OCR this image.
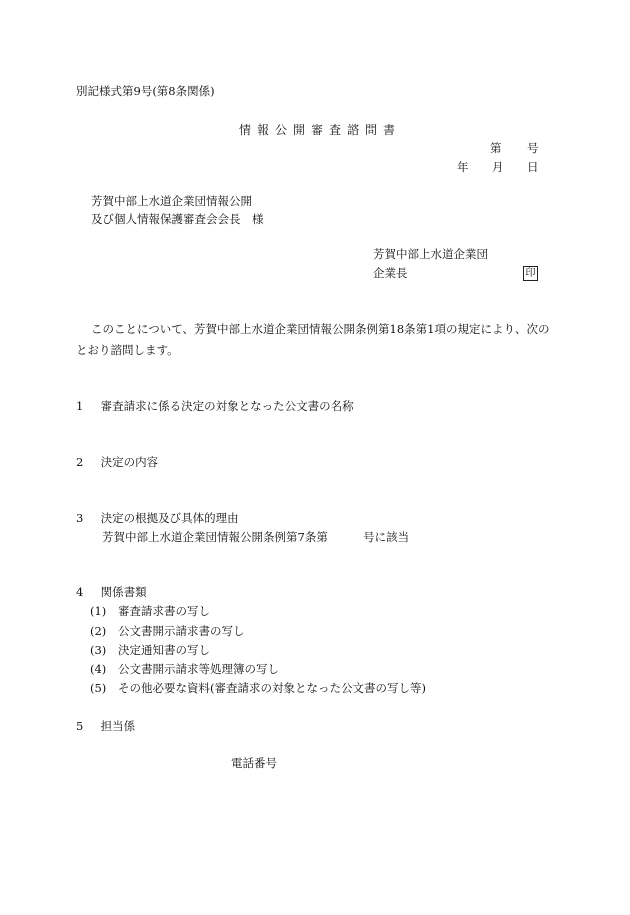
別記様式第9号(第8条関係)
情報公開審査諮問書
第 号
年 月 日
芳賀中部上水道企業団情報公開
及び個人情報保護審査会会長　様
芳賀中部上水道企業団
企業長	印
このことについて、芳賀中部上水道企業団情報公開条例第18条第1項の規定により、次の
とおり諮問します。
1 審査請求に係る決定の対象となった公文書の名称
2 決定の内容
3 決定の根拠及び具体的理由
芳賀中部上水道企業団情報公開条例第7条第	号に該当
4 関係書類
(1) 審査請求書の写し
(2) 公文書開示請求書の写し
(3) 決定通知書の写し
(4) 公文書開示請求等処理簿の写し
(5) その他必要な資料(審査請求の対象となった公文書の写し等)
5 担当係
電話番号
